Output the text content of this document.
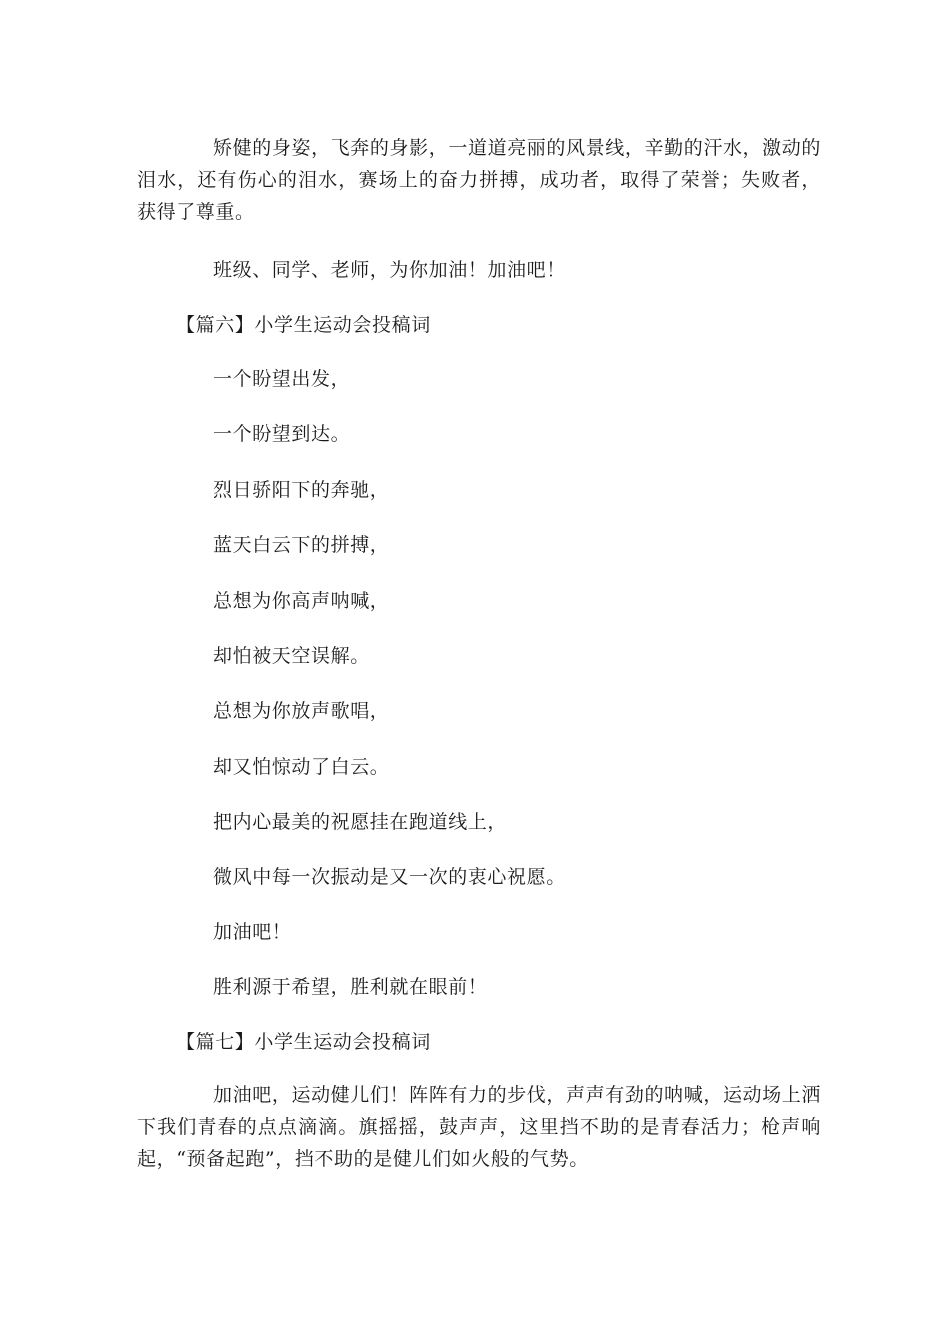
矫健的身姿，飞奔的身影，一道道亮丽的风景线，辛勤的汗水，激动的泪水，还有伤心的泪水，赛场上的奋力拼搏，成功者，取得了荣誉；失败者，获得了尊重。

班级、同学、老师，为你加油！加油吧！

【篇六】小学生运动会投稿词

一个盼望出发，

一个盼望到达。

烈日骄阳下的奔驰，

蓝天白云下的拼搏，

总想为你高声呐喊，

却怕被天空误解。

总想为你放声歌唱，

却又怕惊动了白云。

把内心最美的祝愿挂在跑道线上，

微风中每一次振动是又一次的衷心祝愿。

加油吧！

胜利源于希望，胜利就在眼前！

【篇七】小学生运动会投稿词

加油吧，运动健儿们！阵阵有力的步伐，声声有劲的呐喊，运动场上洒下我们青春的点点滴滴。旗摇摇，鼓声声，这里挡不助的是青春活力；枪声响起，“预备起跑”，挡不助的是健儿们如火般的气势。
